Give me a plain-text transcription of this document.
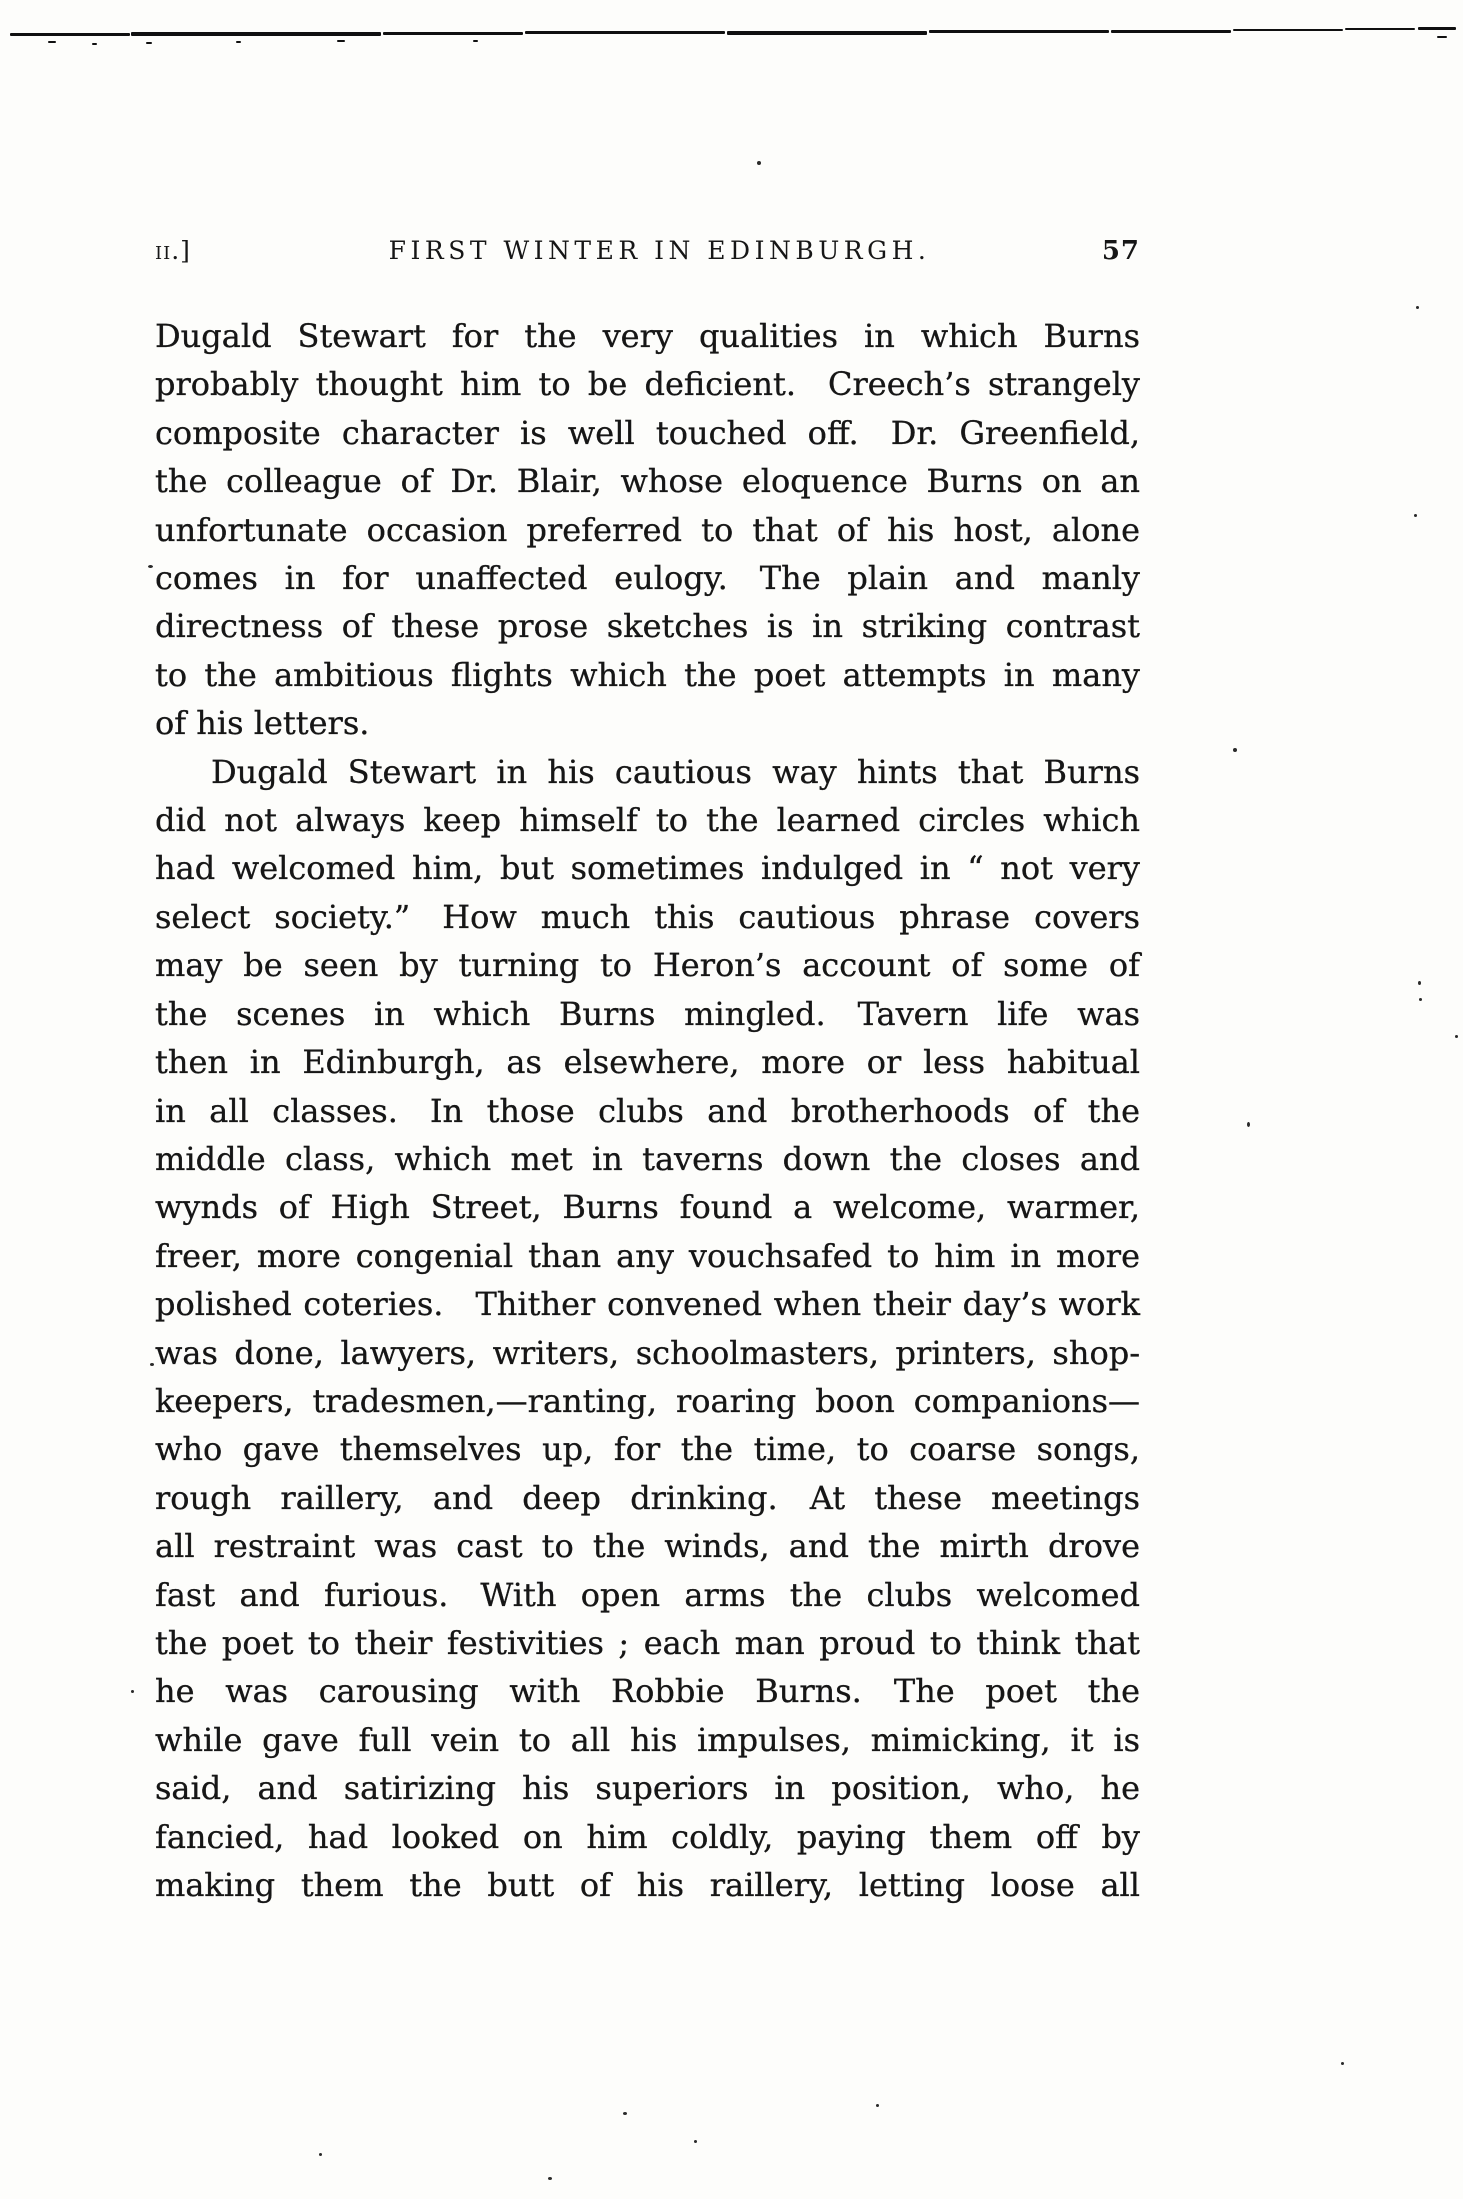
ii.]	FIRST WINTER IN EDINBURGH.	57
Dugald Stewart for the very qualities in which Burns
probably thought him to be deficient. Creech’s strangely
composite character is well touched off. Dr. Greenfield,
the colleague of Dr. Blair, whose eloquence Burns on an
unfortunate occasion preferred to that of his host, alone
comes in for unaffected eulogy. The plain and manly
directness of these prose sketches is in striking contrast
to the ambitious flights which the poet attempts in many
of his letters.
Dugald Stewart in his cautious way hints that Burns
did not always keep himself to the learned circles which
had welcomed him, but sometimes indulged in “ not very
select society.” How much this cautious phrase covers
may be seen by turning to Heron’s account of some of
the scenes in which Burns mingled. Tavern life was
then in Edinburgh, as elsewhere, more or less habitual
in all classes. In those clubs and brotherhoods of the
middle class, which met in taverns down the closes and
wynds of High Street, Burns found a welcome, warmer,
freer, more congenial than any vouchsafed to him in more
polished coteries. Thither convened when their day’s work
was done, lawyers, writers, schoolmasters, printers, shop-
keepers, tradesmen,—ranting, roaring boon companions—
who gave themselves up, for the time, to coarse songs,
rough raillery, and deep drinking. At these meetings
all restraint was cast to the winds, and the mirth drove
fast and furious. With open arms the clubs welcomed
the poet to their festivities ; each man proud to think that
he was carousing with Robbie Burns. The poet the
while gave full vein to all his impulses, mimicking, it is
said, and satirizing his superiors in position, who, he
fancied, had looked on him coldly, paying them off by
making them the butt of his raillery, letting loose all
